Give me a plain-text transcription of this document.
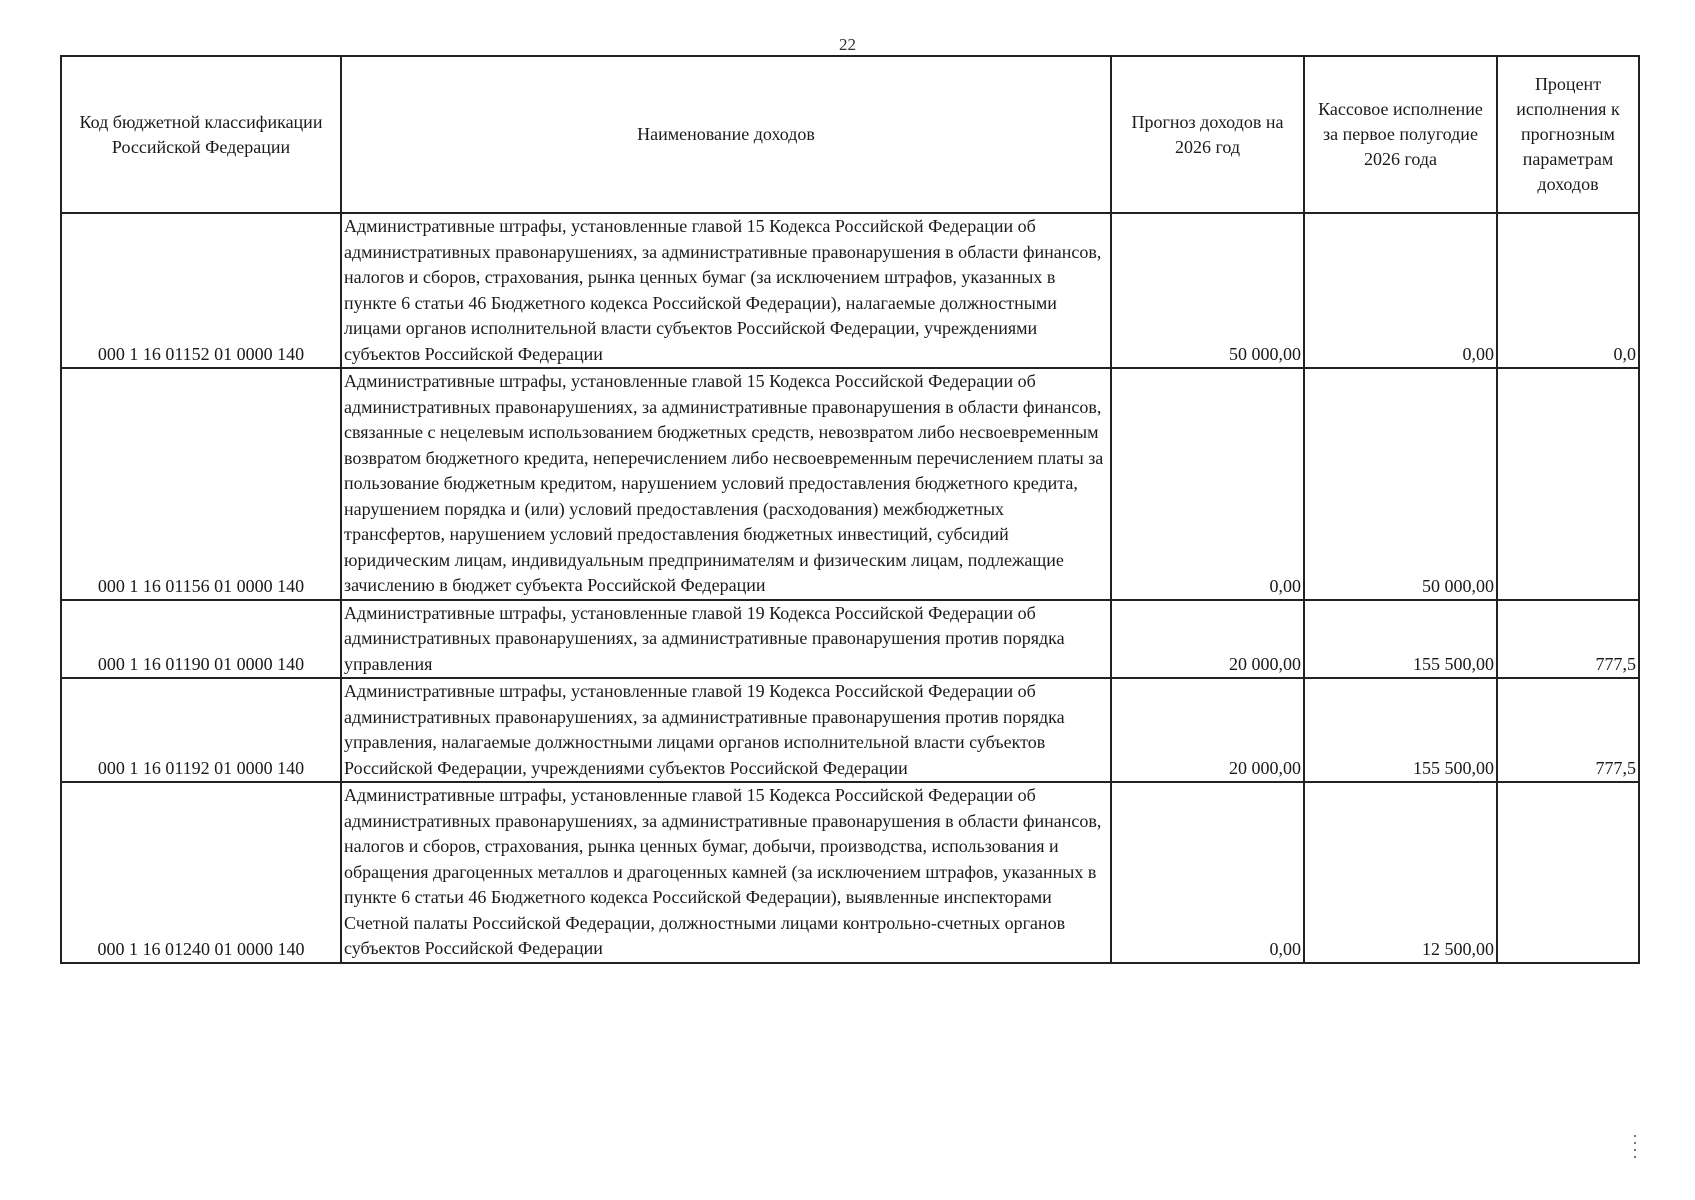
22
Код бюджетной классификации Российской Федерации	Наименование доходов	Прогноз доходов на 2026 год	Кассовое исполнение за первое полугодие 2026 года	Процент исполнения к прогнозным параметрам доходов
000 1 16 01152 01 0000 140	Административные штрафы, установленные главой 15 Кодекса Российской Федерации об административных правонарушениях, за административные правонарушения в области финансов, налогов и сборов, страхования, рынка ценных бумаг (за исключением штрафов, указанных в пункте 6 статьи 46 Бюджетного кодекса Российской Федерации), налагаемые должностными лицами органов исполнительной власти субъектов Российской Федерации, учреждениями субъектов Российской Федерации	50 000,00	0,00	0,0
000 1 16 01156 01 0000 140	Административные штрафы, установленные главой 15 Кодекса Российской Федерации об административных правонарушениях, за административные правонарушения в области финансов, связанные с нецелевым использованием бюджетных средств, невозвратом либо несвоевременным возвратом бюджетного кредита, неперечислением либо несвоевременным перечислением платы за пользование бюджетным кредитом, нарушением условий предоставления бюджетного кредита, нарушением порядка и (или) условий предоставления (расходования) межбюджетных трансфертов, нарушением условий предоставления бюджетных инвестиций, субсидий юридическим лицам, индивидуальным предпринимателям и физическим лицам, подлежащие зачислению в бюджет субъекта Российской Федерации	0,00	50 000,00	
000 1 16 01190 01 0000 140	Административные штрафы, установленные главой 19 Кодекса Российской Федерации об административных правонарушениях, за административные правонарушения против порядка управления	20 000,00	155 500,00	777,5
000 1 16 01192 01 0000 140	Административные штрафы, установленные главой 19 Кодекса Российской Федерации об административных правонарушениях, за административные правонарушения против порядка управления, налагаемые должностными лицами органов исполнительной власти субъектов Российской Федерации, учреждениями субъектов Российской Федерации	20 000,00	155 500,00	777,5
000 1 16 01240 01 0000 140	Административные штрафы, установленные главой 15 Кодекса Российской Федерации об административных правонарушениях, за административные правонарушения в области финансов, налогов и сборов, страхования, рынка ценных бумаг, добычи, производства, использования и обращения драгоценных металлов и драгоценных камней (за исключением штрафов, указанных в пункте 6 статьи 46 Бюджетного кодекса Российской Федерации), выявленные инспекторами Счетной палаты Российской Федерации, должностными лицами контрольно-счетных органов субъектов Российской Федерации	0,00	12 500,00	
